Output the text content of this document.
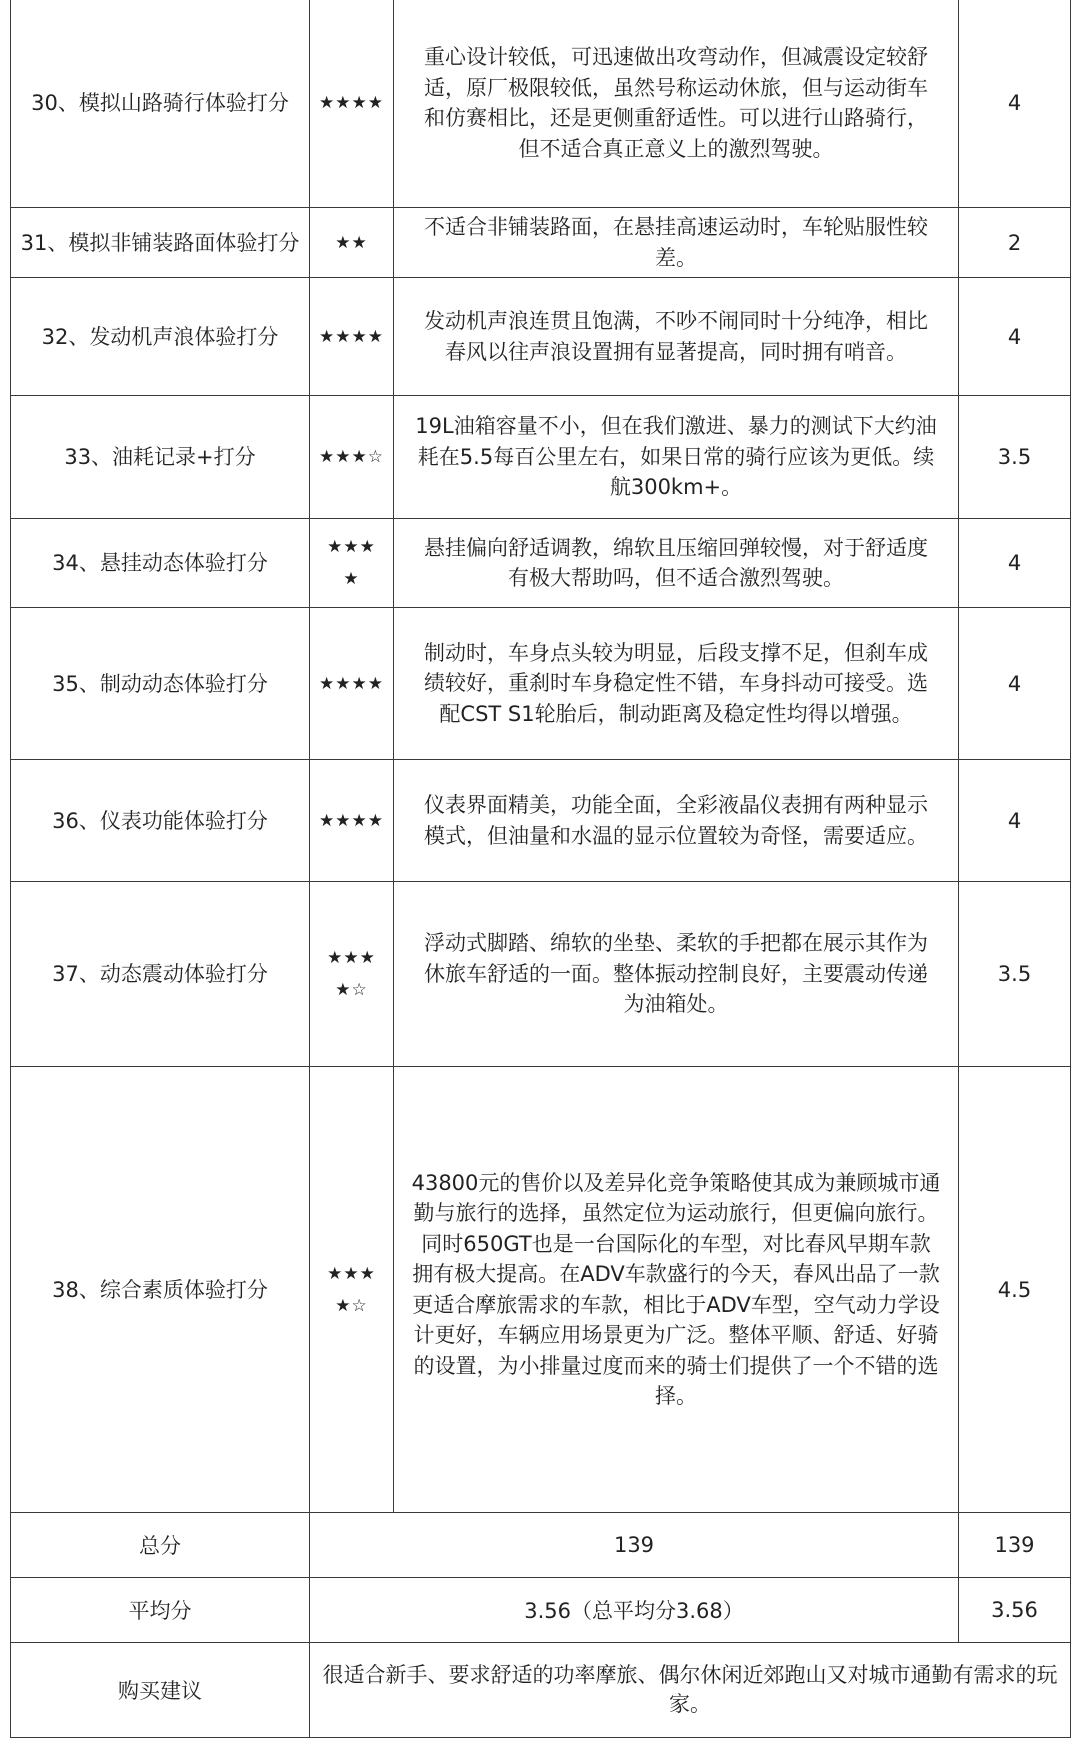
30、模拟山路骑行体验打分	★★★★	重心设计较低，可迅速做出攻弯动作，但减震设定较舒适，原厂极限较低，虽然号称运动休旅，但与运动街车和仿赛相比，还是更侧重舒适性。可以进行山路骑行，但不适合真正意义上的激烈驾驶。	4
31、模拟非铺装路面体验打分	★★	不适合非铺装路面，在悬挂高速运动时，车轮贴服性较差。	2
32、发动机声浪体验打分	★★★★	发动机声浪连贯且饱满，不吵不闹同时十分纯净，相比春风以往声浪设置拥有显著提高，同时拥有哨音。	4
33、油耗记录+打分	★★★☆	19L油箱容量不小，但在我们激进、暴力的测试下大约油耗在5.5每百公里左右，如果日常的骑行应该为更低。续航300km+。	3.5
34、悬挂动态体验打分	★★★★	悬挂偏向舒适调教，绵软且压缩回弹较慢，对于舒适度有极大帮助吗，但不适合激烈驾驶。	4
35、制动动态体验打分	★★★★	制动时，车身点头较为明显，后段支撑不足，但刹车成绩较好，重刹时车身稳定性不错，车身抖动可接受。选配CST S1轮胎后，制动距离及稳定性均得以增强。	4
36、仪表功能体验打分	★★★★	仪表界面精美，功能全面，全彩液晶仪表拥有两种显示模式，但油量和水温的显示位置较为奇怪，需要适应。	4
37、动态震动体验打分	★★★★☆	浮动式脚踏、绵软的坐垫、柔软的手把都在展示其作为休旅车舒适的一面。整体振动控制良好，主要震动传递为油箱处。	3.5
38、综合素质体验打分	★★★★☆	43800元的售价以及差异化竞争策略使其成为兼顾城市通勤与旅行的选择，虽然定位为运动旅行，但更偏向旅行。同时650GT也是一台国际化的车型，对比春风早期车款拥有极大提高。在ADV车款盛行的今天，春风出品了一款更适合摩旅需求的车款，相比于ADV车型，空气动力学设计更好，车辆应用场景更为广泛。整体平顺、舒适、好骑的设置，为小排量过度而来的骑士们提供了一个不错的选择。	4.5
总分	139		139
平均分	3.56（总平均分3.68）		3.56
购买建议	很适合新手、要求舒适的功率摩旅、偶尔休闲近郊跑山又对城市通勤有需求的玩家。		
